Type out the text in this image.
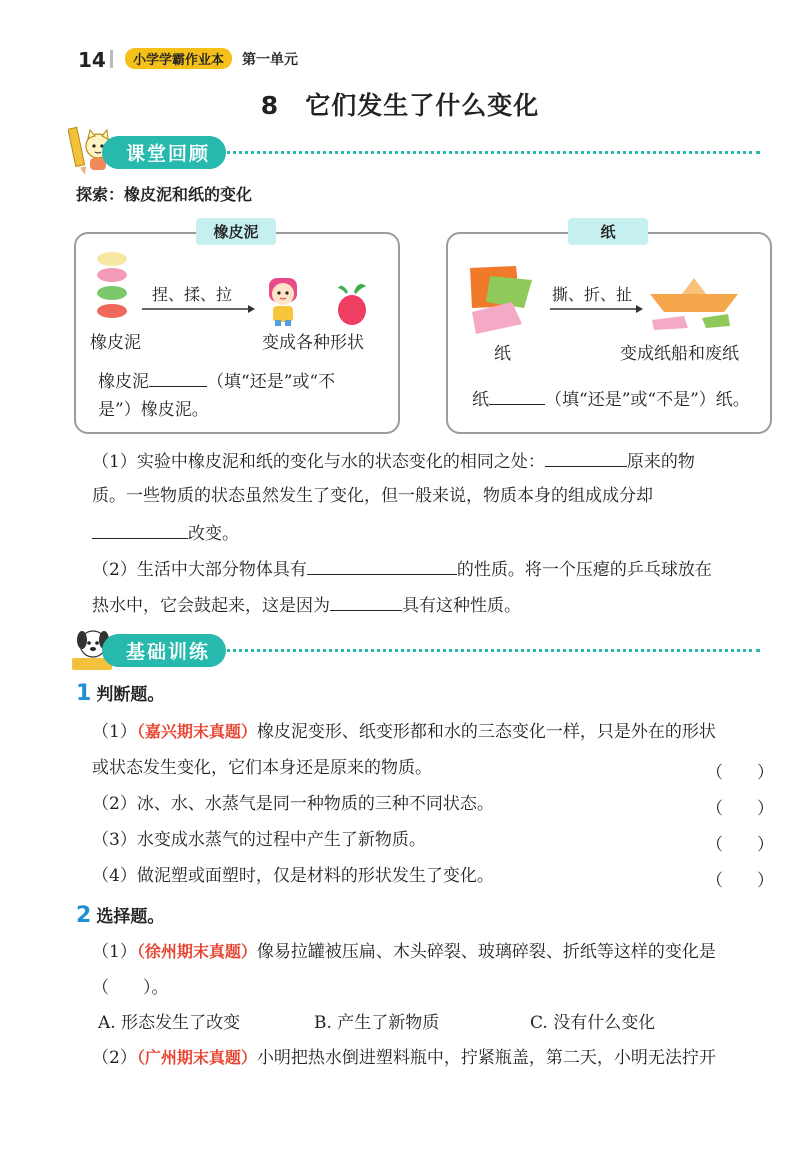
14	小学学霸作业本	第一单元
8　它们发生了什么变化
课堂回顾
探索：橡皮泥和纸的变化
橡皮泥
捏、揉、拉
橡皮泥	变成各种形状
橡皮泥	（填“还是”或“不
是”）橡皮泥。
纸
撕、折、扯
纸	变成纸船和废纸
纸	（填“还是”或“不是”）纸。
（1）实验中橡皮泥和纸的变化与水的状态变化的相同之处：	原来的物
质。一些物质的状态虽然发生了变化，但一般来说，物质本身的组成成分却
改变。
（2）生活中大部分物体具有	的性质。将一个压瘪的乒乓球放在
热水中，它会鼓起来，这是因为	具有这种性质。
基础训练
1 判断题。
（1）（嘉兴期末真题）橡皮泥变形、纸变形都和水的三态变化一样，只是外在的形状
或状态发生变化，它们本身还是原来的物质。	（　　）
（2）冰、水、水蒸气是同一种物质的三种不同状态。	（　　）
（3）水变成水蒸气的过程中产生了新物质。	（　　）
（4）做泥塑或面塑时，仅是材料的形状发生了变化。	（　　）
2 选择题。
（1）（徐州期末真题）像易拉罐被压扁、木头碎裂、玻璃碎裂、折纸等这样的变化是
（　　）。
A. 形态发生了改变	B. 产生了新物质	C. 没有什么变化
（2）（广州期末真题）小明把热水倒进塑料瓶中，拧紧瓶盖，第二天，小明无法拧开
